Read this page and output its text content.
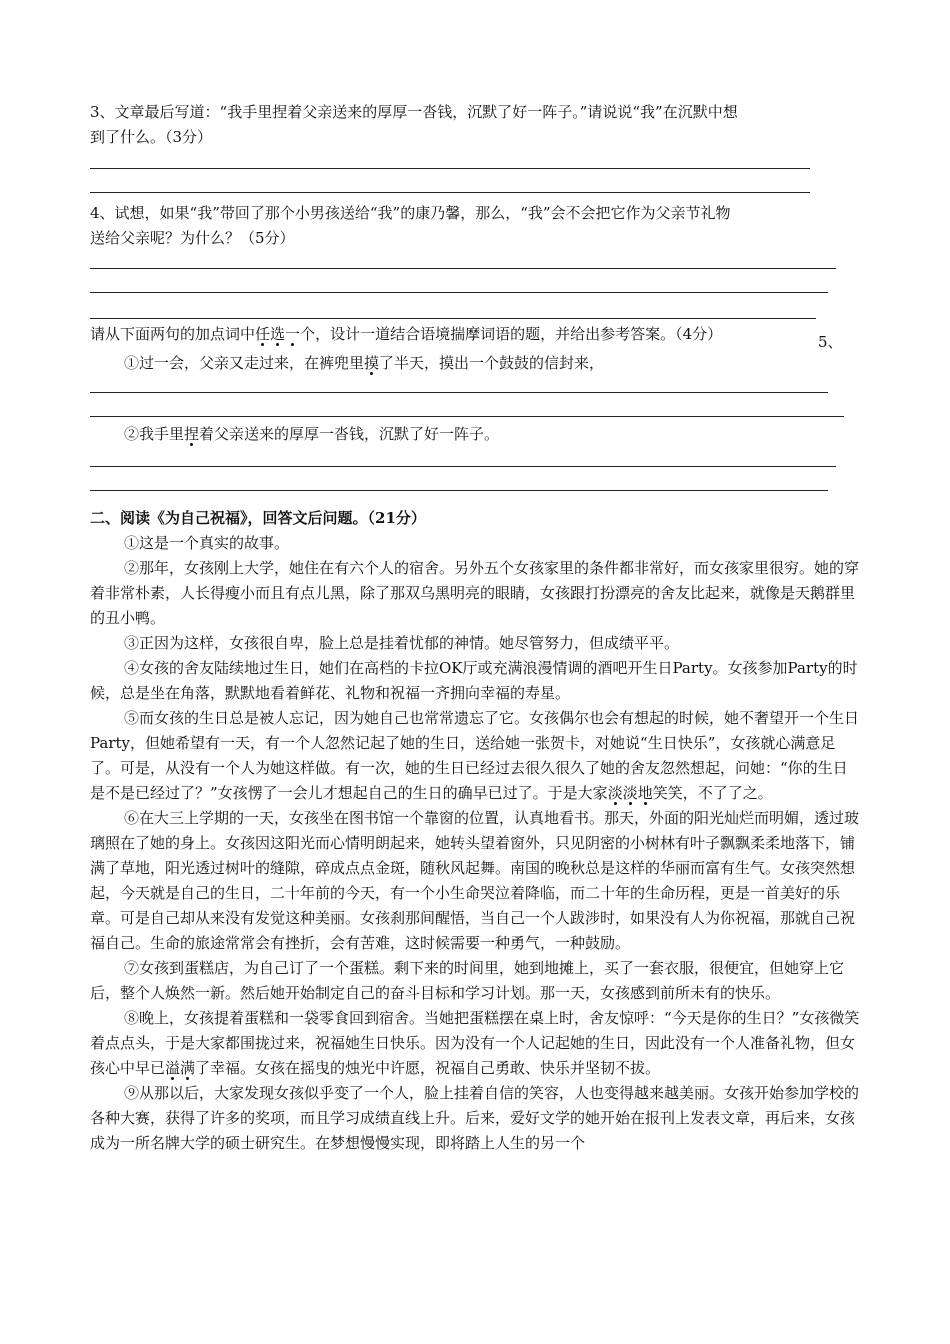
3、文章最后写道：“我手里捏着父亲送来的厚厚一沓钱，沉默了好一阵子。”请说说“我”在沉默中想
到了什么。（3分）
4、试想，如果“我”带回了那个小男孩送给“我”的康乃馨，那么，“我”会不会把它作为父亲节礼物
送给父亲呢？为什么？（5分）
5、
请从下面两句的加点词中任选一个，设计一道结合语境揣摩词语的题，并给出参考答案。（4分）
①过一会，父亲又走过来，在裤兜里摸了半天，摸出一个鼓鼓的信封来，
②我手里捏着父亲送来的厚厚一沓钱，沉默了好一阵子。
二、阅读《为自己祝福》，回答文后问题。（21分）

①这是一个真实的故事。

②那年，女孩刚上大学，她住在有六个人的宿舍。另外五个女孩家里的条件都非常好，而女孩家里很穷。她的穿着非常朴素，人长得瘦小而且有点儿黑，除了那双乌黑明亮的眼睛，女孩跟打扮漂亮的舍友比起来，就像是天鹅群里的丑小鸭。

③正因为这样，女孩很自卑，脸上总是挂着忧郁的神情。她尽管努力，但成绩平平。

④女孩的舍友陆续地过生日，她们在高档的卡拉OK厅或充满浪漫情调的酒吧开生日Party。女孩参加Party的时候，总是坐在角落，默默地看着鲜花、礼物和祝福一齐拥向幸福的寿星。

⑤而女孩的生日总是被人忘记，因为她自己也常常遗忘了它。女孩偶尔也会有想起的时候，她不奢望开一个生日Party，但她希望有一天，有一个人忽然记起了她的生日，送给她一张贺卡，对她说“生日快乐”，女孩就心满意足了。可是，从没有一个人为她这样做。有一次，她的生日已经过去很久很久了她的舍友忽然想起，问她：“你的生日是不是已经过了？”女孩愣了一会儿才想起自己的生日的确早已过了。于是大家淡淡地笑笑，不了了之。

⑥在大三上学期的一天，女孩坐在图书馆一个靠窗的位置，认真地看书。那天，外面的阳光灿烂而明媚，透过玻璃照在了她的身上。女孩因这阳光而心情明朗起来，她转头望着窗外，只见阴密的小树林有叶子飘飘柔柔地落下，铺满了草地，阳光透过树叶的缝隙，碎成点点金斑，随秋风起舞。南国的晚秋总是这样的华丽而富有生气。女孩突然想起，今天就是自己的生日，二十年前的今天，有一个小生命哭泣着降临，而二十年的生命历程，更是一首美好的乐章。可是自己却从来没有发觉这种美丽。女孩刹那间醒悟，当自己一个人跋涉时，如果没有人为你祝福，那就自己祝福自己。生命的旅途常常会有挫折，会有苦难，这时候需要一种勇气，一种鼓励。

⑦女孩到蛋糕店，为自己订了一个蛋糕。剩下来的时间里，她到地摊上，买了一套衣服，很便宜，但她穿上它后，整个人焕然一新。然后她开始制定自己的奋斗目标和学习计划。那一天，女孩感到前所未有的快乐。

⑧晚上，女孩提着蛋糕和一袋零食回到宿舍。当她把蛋糕摆在桌上时，舍友惊呼：“今天是你的生日？”女孩微笑着点点头，于是大家都围拢过来，祝福她生日快乐。因为没有一个人记起她的生日，因此没有一个人准备礼物，但女孩心中早已溢满了幸福。女孩在摇曳的烛光中许愿，祝福自己勇敢、快乐并坚韧不拔。

⑨从那以后，大家发现女孩似乎变了一个人，脸上挂着自信的笑容，人也变得越来越美丽。女孩开始参加学校的各种大赛，获得了许多的奖项，而且学习成绩直线上升。后来，爱好文学的她开始在报刊上发表文章，再后来，女孩成为一所名牌大学的硕士研究生。在梦想慢慢实现，即将踏上人生的另一个
